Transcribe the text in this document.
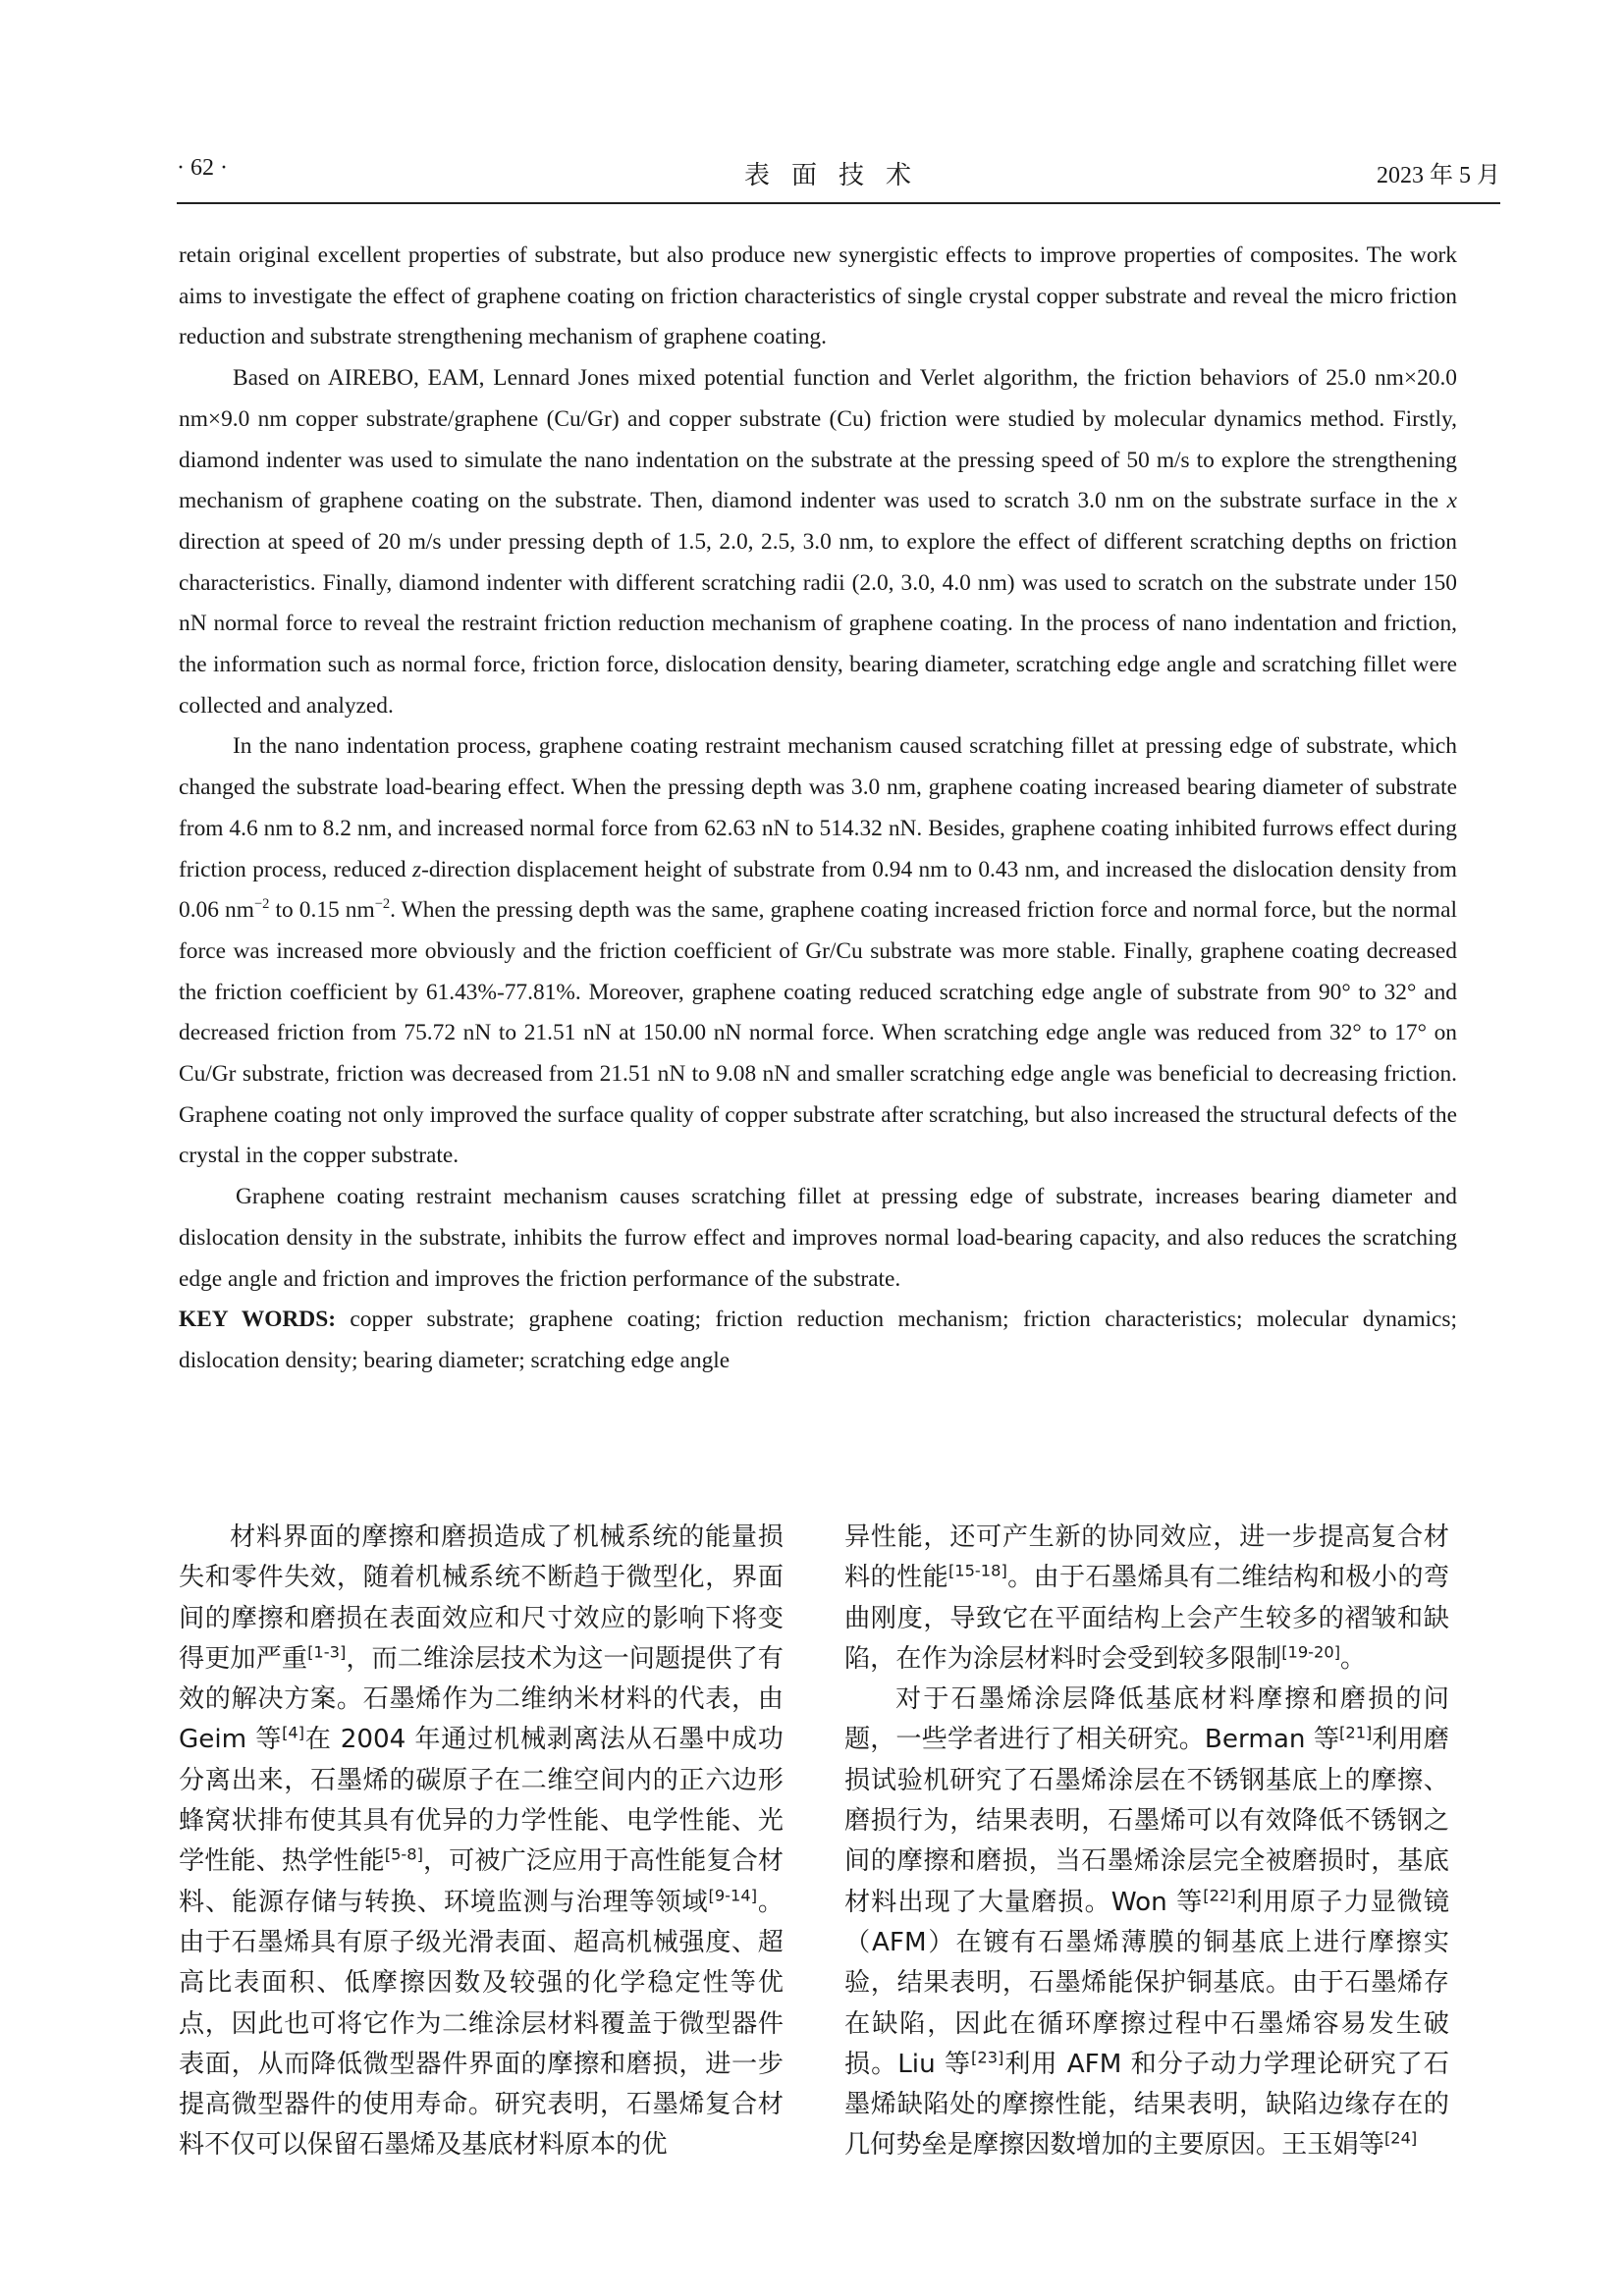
· 62 ·	表面技术	2023 年 5 月

retain original excellent properties of substrate, but also produce new synergistic effects to improve properties of composites. The work aims to investigate the effect of graphene coating on friction characteristics of single crystal copper substrate and reveal the micro friction reduction and substrate strengthening mechanism of graphene coating.

Based on AIREBO, EAM, Lennard Jones mixed potential function and Verlet algorithm, the friction behaviors of 25.0 nm×20.0 nm×9.0 nm copper substrate/graphene (Cu/Gr) and copper substrate (Cu) friction were studied by molecular dynamics method. Firstly, diamond indenter was used to simulate the nano indentation on the substrate at the pressing speed of 50 m/s to explore the strengthening mechanism of graphene coating on the substrate. Then, diamond indenter was used to scratch 3.0 nm on the substrate surface in the x direction at speed of 20 m/s under pressing depth of 1.5, 2.0, 2.5, 3.0 nm, to explore the effect of different scratching depths on friction characteristics. Finally, diamond indenter with different scratching radii (2.0, 3.0, 4.0 nm) was used to scratch on the substrate under 150 nN normal force to reveal the restraint friction reduction mechanism of graphene coating. In the process of nano indentation and friction, the information such as normal force, friction force, dislocation density, bearing diameter, scratching edge angle and scratching fillet were collected and analyzed.

In the nano indentation process, graphene coating restraint mechanism caused scratching fillet at pressing edge of substrate, which changed the substrate load-bearing effect. When the pressing depth was 3.0 nm, graphene coating increased bearing diameter of substrate from 4.6 nm to 8.2 nm, and increased normal force from 62.63 nN to 514.32 nN. Besides, graphene coating inhibited furrows effect during friction process, reduced z-direction displacement height of substrate from 0.94 nm to 0.43 nm, and increased the dislocation density from 0.06 $nm^{-2}$ to 0.15 $nm^{-2}$. When the pressing depth was the same, graphene coating increased friction force and normal force, but the normal force was increased more obviously and the friction coefficient of Gr/Cu substrate was more stable. Finally, graphene coating decreased the friction coefficient by 61.43%-77.81%. Moreover, graphene coating reduced scratching edge angle of substrate from 90° to 32° and decreased friction from 75.72 nN to 21.51 nN at 150.00 nN normal force. When scratching edge angle was reduced from 32° to 17° on Cu/Gr substrate, friction was decreased from 21.51 nN to 9.08 nN and smaller scratching edge angle was beneficial to decreasing friction. Graphene coating not only improved the surface quality of copper substrate after scratching, but also increased the structural defects of the crystal in the copper substrate.

Graphene coating restraint mechanism causes scratching fillet at pressing edge of substrate, increases bearing diameter and dislocation density in the substrate, inhibits the furrow effect and improves normal load-bearing capacity, and also reduces the scratching edge angle and friction and improves the friction performance of the substrate.

KEY WORDS: copper substrate; graphene coating; friction reduction mechanism; friction characteristics; molecular dynamics; dislocation density; bearing diameter; scratching edge angle

材料界面的摩擦和磨损造成了机械系统的能量损失和零件失效，随着机械系统不断趋于微型化，界面间的摩擦和磨损在表面效应和尺寸效应的影响下将变得更加严重[1-3]，而二维涂层技术为这一问题提供了有效的解决方案。石墨烯作为二维纳米材料的代表，由 Geim 等[4]在 2004 年通过机械剥离法从石墨中成功分离出来，石墨烯的碳原子在二维空间内的正六边形蜂窝状排布使其具有优异的力学性能、电学性能、光学性能、热学性能[5-8]，可被广泛应用于高性能复合材料、能源存储与转换、环境监测与治理等领域[9-14]。由于石墨烯具有原子级光滑表面、超高机械强度、超高比表面积、低摩擦因数及较强的化学稳定性等优点，因此也可将它作为二维涂层材料覆盖于微型器件表面，从而降低微型器件界面的摩擦和磨损，进一步提高微型器件的使用寿命。研究表明，石墨烯复合材料不仅可以保留石墨烯及基底材料原本的优

异性能，还可产生新的协同效应，进一步提高复合材料的性能[15-18]。由于石墨烯具有二维结构和极小的弯曲刚度，导致它在平面结构上会产生较多的褶皱和缺陷，在作为涂层材料时会受到较多限制[19-20]。

对于石墨烯涂层降低基底材料摩擦和磨损的问题，一些学者进行了相关研究。Berman 等[21]利用磨损试验机研究了石墨烯涂层在不锈钢基底上的摩擦、磨损行为，结果表明，石墨烯可以有效降低不锈钢之间的摩擦和磨损，当石墨烯涂层完全被磨损时，基底材料出现了大量磨损。Won 等[22]利用原子力显微镜（AFM）在镀有石墨烯薄膜的铜基底上进行摩擦实验，结果表明，石墨烯能保护铜基底。由于石墨烯存在缺陷，因此在循环摩擦过程中石墨烯容易发生破损。Liu 等[23]利用 AFM 和分子动力学理论研究了石墨烯缺陷处的摩擦性能，结果表明，缺陷边缘存在的几何势垒是摩擦因数增加的主要原因。王玉娟等[24]
